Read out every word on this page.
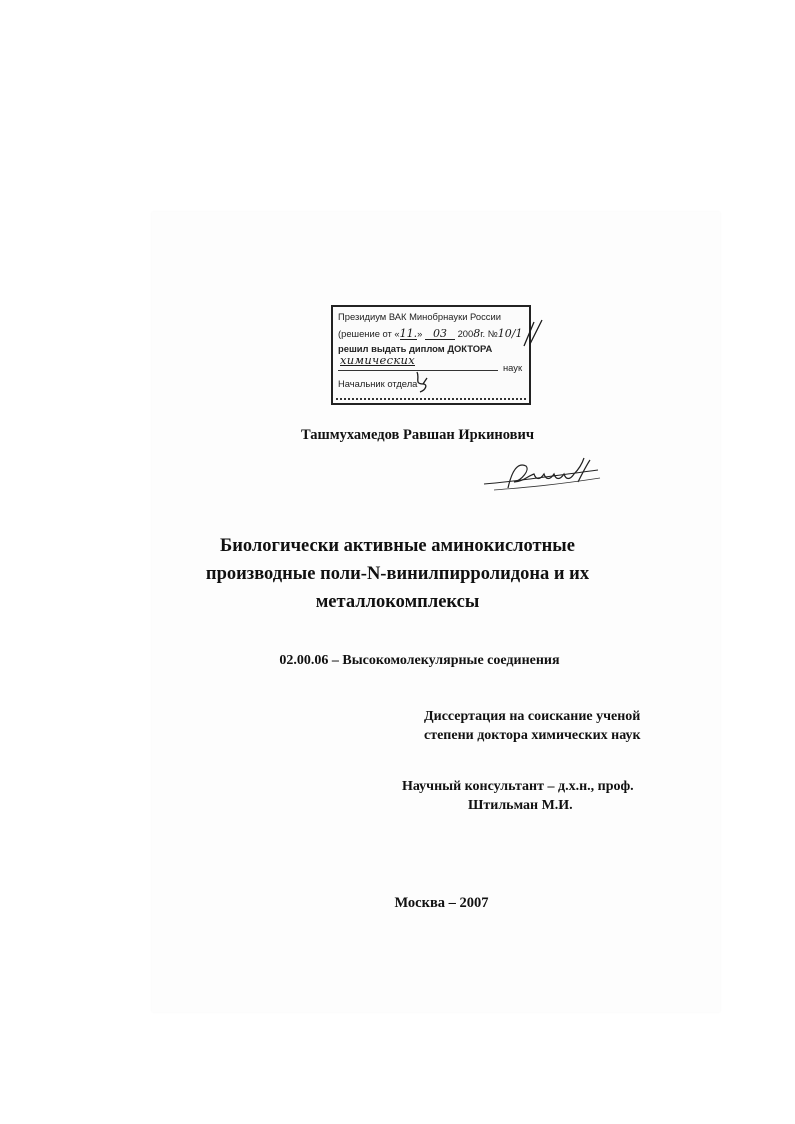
Президиум ВАК Минобрнауки России
(решение от «11.» 03 2008г. №10/1
решил выдать диплом ДОКТОРА
химических
наук
Начальник отдела
Ташмухамедов Равшан Иркинович
Биологически активные аминокислотные
производные поли-N-винилпирролидона и их
металлокомплексы
02.00.06 – Высокомолекулярные соединения
Диссертация на соискание ученой
степени доктора химических наук
Научный консультант – д.х.н., проф.
Штильман М.И.
Москва – 2007
